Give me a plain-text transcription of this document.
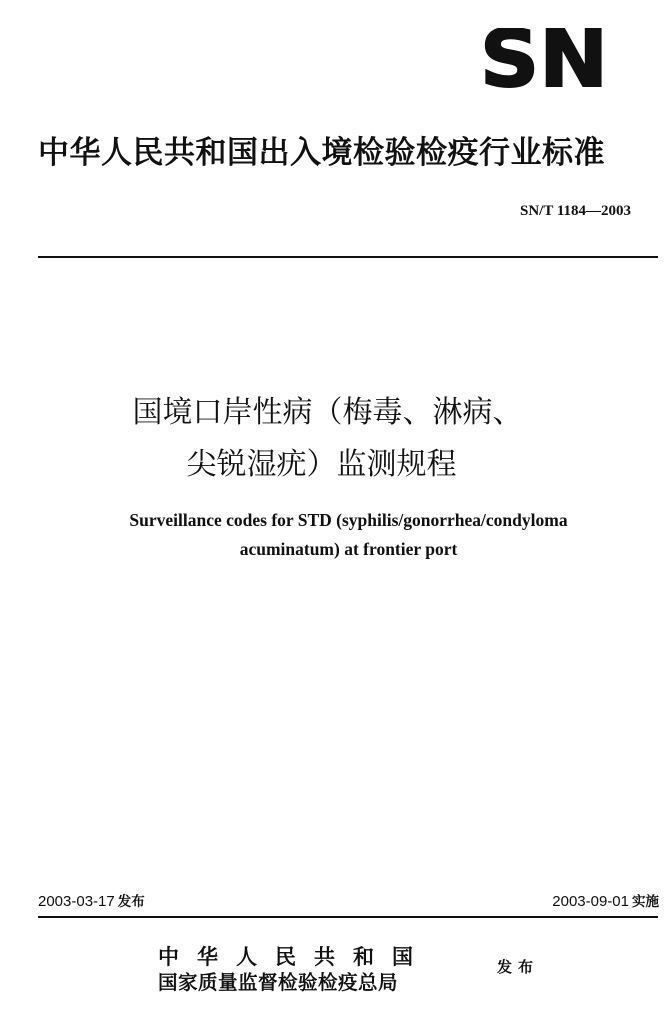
SN
中华人民共和国出入境检验检疫行业标准
SN/T 1184—2003
国境口岸性病（梅毒、淋病、
尖锐湿疣）监测规程
Surveillance codes for STD (syphilis/gonorrhea/condyloma
acuminatum) at frontier port
2003-03-17 发布	2003-09-01 实施
中华人民共和国
国家质量监督检验检疫总局
发布
